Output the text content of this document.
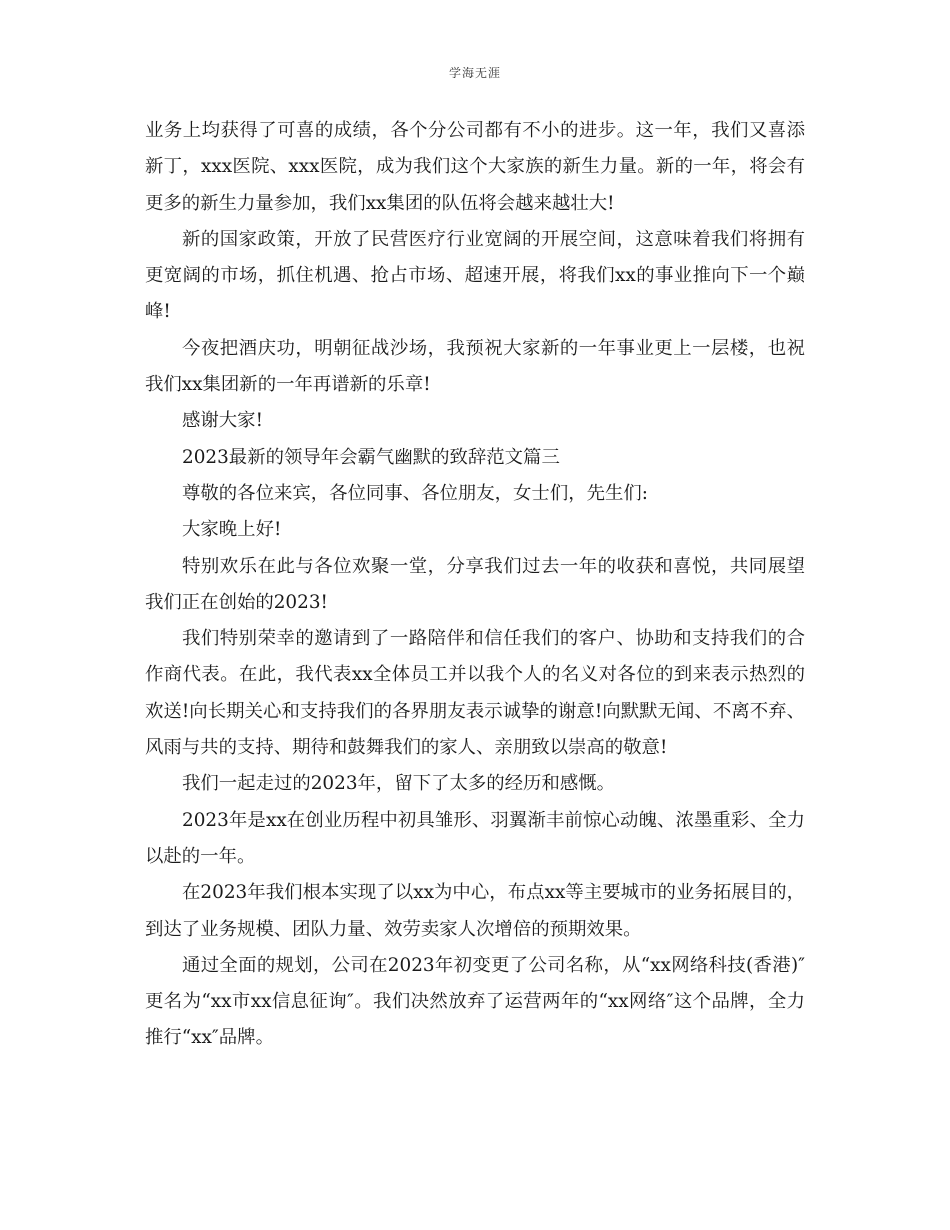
学海无涯

业务上均获得了可喜的成绩，各个分公司都有不小的进步。这一年，我们又喜添新丁，xxx医院、xxx医院，成为我们这个大家族的新生力量。新的一年，将会有更多的新生力量参加，我们xx集团的队伍将会越来越壮大!

新的国家政策，开放了民营医疗行业宽阔的开展空间，这意味着我们将拥有更宽阔的市场，抓住机遇、抢占市场、超速开展，将我们xx的事业推向下一个巅峰!

今夜把酒庆功，明朝征战沙场，我预祝大家新的一年事业更上一层楼，也祝我们xx集团新的一年再谱新的乐章!

感谢大家!

2023最新的领导年会霸气幽默的致辞范文篇三

尊敬的各位来宾，各位同事、各位朋友，女士们，先生们:

大家晚上好!

特别欢乐在此与各位欢聚一堂，分享我们过去一年的收获和喜悦，共同展望我们正在创始的2023!

我们特别荣幸的邀请到了一路陪伴和信任我们的客户、协助和支持我们的合作商代表。在此，我代表xx全体员工并以我个人的名义对各位的到来表示热烈的欢送!向长期关心和支持我们的各界朋友表示诚挚的谢意!向默默无闻、不离不弃、风雨与共的支持、期待和鼓舞我们的家人、亲朋致以崇高的敬意!

我们一起走过的2023年，留下了太多的经历和感慨。

2023年是xx在创业历程中初具雏形、羽翼渐丰前惊心动魄、浓墨重彩、全力以赴的一年。

在2023年我们根本实现了以xx为中心，布点xx等主要城市的业务拓展目的，到达了业务规模、团队力量、效劳卖家人次增倍的预期效果。

通过全面的规划，公司在2023年初变更了公司名称，从“xx网络科技(香港)″更名为“xx市xx信息征询″。我们决然放弃了运营两年的“xx网络″这个品牌，全力推行“xx″品牌。
